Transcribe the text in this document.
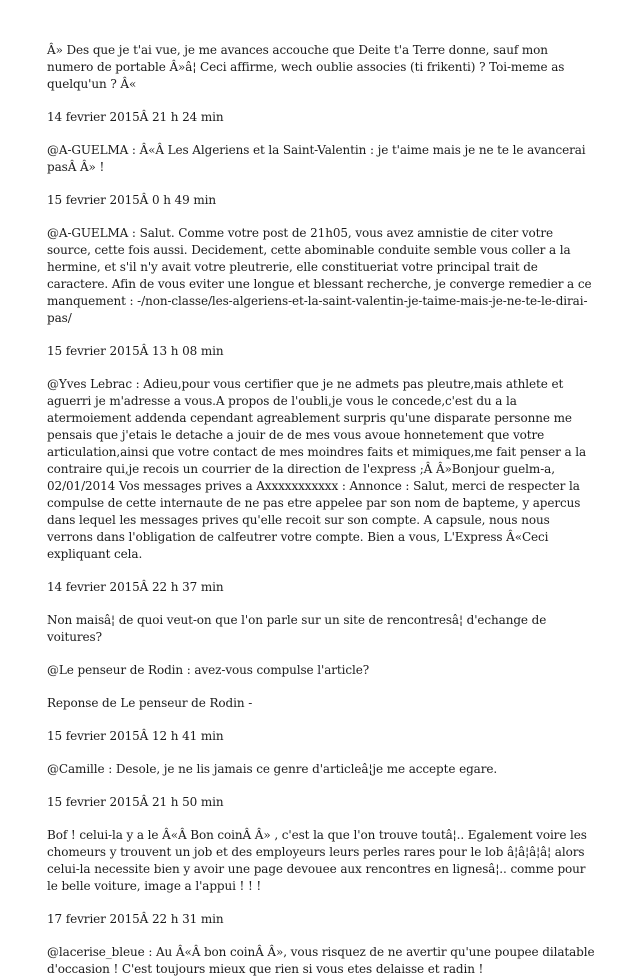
Â» Des que je t'ai vue, je me avances accouche que Deite t'a Terre donne, sauf mon numero de portable Â»â¦ Ceci affirme, wech oublie associes (ti frikenti) ? Toi-meme as quelqu'un ? Â«

14 fevrier 2015Â 21 h 24 min

@A-GUELMA : Â«Â Les Algeriens et la Saint-Valentin : je t'aime mais je ne te le avancerai pasÂ Â» !

15 fevrier 2015Â 0 h 49 min

@A-GUELMA : Salut. Comme votre post de 21h05, vous avez amnistie de citer votre source, cette fois aussi. Decidement, cette abominable conduite semble vous coller a la hermine, et s'il n'y avait votre pleutrerie, elle constitueriat votre principal trait de caractere. Afin de vous eviter une longue et blessant recherche, je converge remedier a ce manquement : -/non-classe/les-algeriens-et-la-saint-valentin-je-taime-mais-je-ne-te-le-dirai-pas/

15 fevrier 2015Â 13 h 08 min

@Yves Lebrac : Adieu,pour vous certifier que je ne admets pas pleutre,mais athlete et aguerri je m'adresse a vous.A propos de l'oubli,je vous le concede,c'est du a la atermoiement addenda cependant agreablement surpris qu'une disparate personne me pensais que j'etais le detache a jouir de de mes vous avoue honnetement que votre articulation,ainsi que votre contact de mes moindres faits et mimiques,me fait penser a la contraire qui,je recois un courrier de la direction de l'express ;Â Â»Bonjour guelm-a, 02/01/2014 Vos messages prives a Axxxxxxxxxxx : Annonce : Salut, merci de respecter la compulse de cette internaute de ne pas etre appelee par son nom de bapteme, y apercus dans lequel les messages prives qu'elle recoit sur son compte. A capsule, nous nous verrons dans l'obligation de calfeutrer votre compte. Bien a vous, L'Express Â«Ceci expliquant cela.

14 fevrier 2015Â 22 h 37 min

Non maisâ¦ de quoi veut-on que l'on parle sur un site de rencontresâ¦ d'echange de voitures?

@Le penseur de Rodin : avez-vous compulse l'article?

Reponse de Le penseur de Rodin -

15 fevrier 2015Â 12 h 41 min

@Camille : Desole, je ne lis jamais ce genre d'articleâ¦je me accepte egare.

15 fevrier 2015Â 21 h 50 min

Bof ! celui-la y a le Â«Â Bon coinÂ Â» , c'est la que l'on trouve toutâ¦.. Egalement voire les chomeurs y trouvent un job et des employeurs leurs perles rares pour le lob â¦â¦â¦â¦ alors celui-la necessite bien y avoir une page devouee aux rencontres en lignesâ¦.. comme pour le belle voiture, image a l'appui ! ! !

17 fevrier 2015Â 22 h 31 min

@lacerise_bleue : Au Â«Â bon coinÂ Â», vous risquez de ne avertir qu'une poupee dilatable d'occasion ! C'est toujours mieux que rien si vous etes delaisse et radin !
